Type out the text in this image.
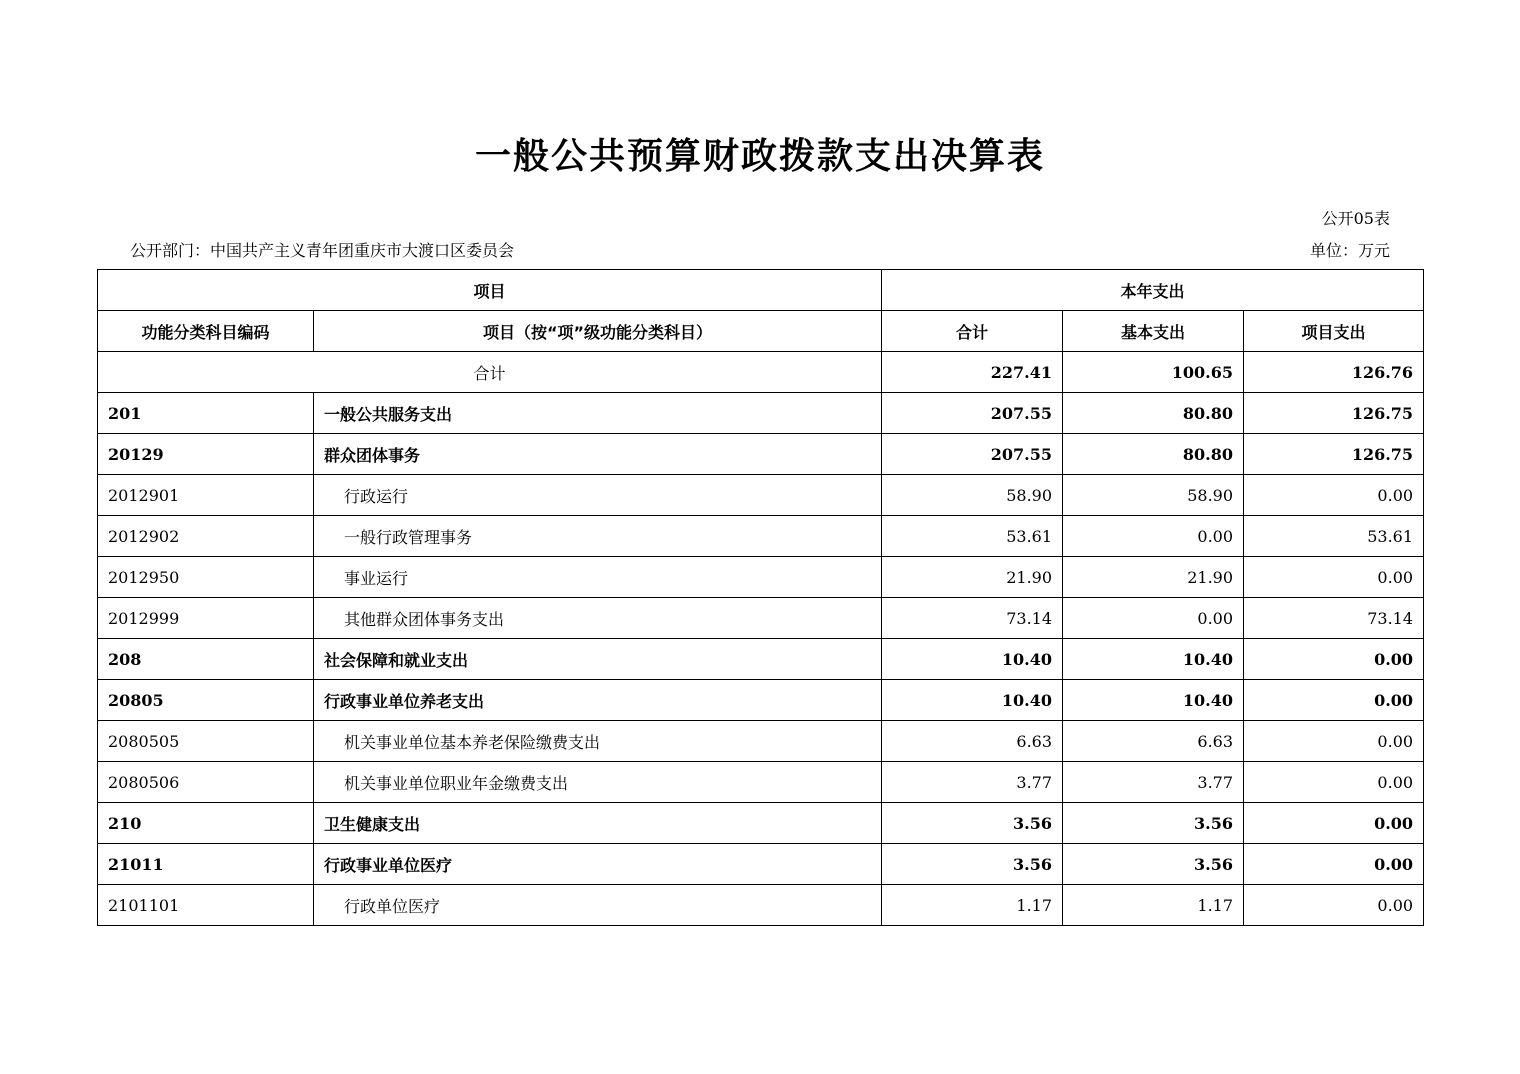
一般公共预算财政拨款支出决算表
公开05表
公开部门：中国共产主义青年团重庆市大渡口区委员会	单位：万元
项目		本年支出		
功能分类科目编码	项目（按“项”级功能分类科目）	合计	基本支出	项目支出
合计		227.41	100.65	126.76
201	一般公共服务支出	207.55	80.80	126.75
20129	群众团体事务	207.55	80.80	126.75
2012901	行政运行	58.90	58.90	0.00
2012902	一般行政管理事务	53.61	0.00	53.61
2012950	事业运行	21.90	21.90	0.00
2012999	其他群众团体事务支出	73.14	0.00	73.14
208	社会保障和就业支出	10.40	10.40	0.00
20805	行政事业单位养老支出	10.40	10.40	0.00
2080505	机关事业单位基本养老保险缴费支出	6.63	6.63	0.00
2080506	机关事业单位职业年金缴费支出	3.77	3.77	0.00
210	卫生健康支出	3.56	3.56	0.00
21011	行政事业单位医疗	3.56	3.56	0.00
2101101	行政单位医疗	1.17	1.17	0.00
